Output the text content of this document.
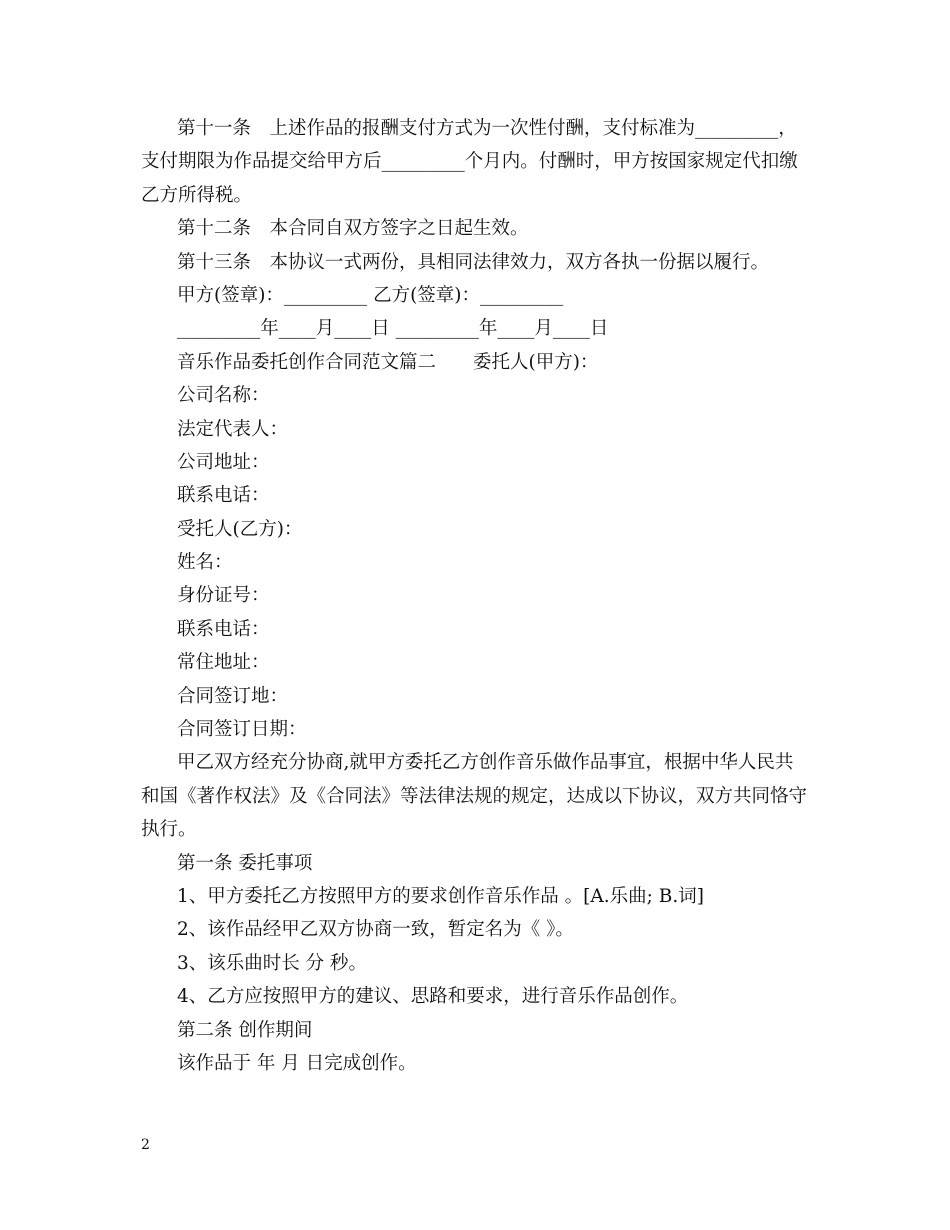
第十一条　上述作品的报酬支付方式为一次性付酬，支付标准为_________，
支付期限为作品提交给甲方后_________个月内。付酬时，甲方按国家规定代扣缴
乙方所得税。
第十二条　本合同自双方签字之日起生效。
第十三条　本协议一式两份，具相同法律效力，双方各执一份据以履行。
甲方(签章)：_________ 乙方(签章)：_________
_________年____月____日 _________年____月____日
音乐作品委托创作合同范文篇二　　委托人(甲方)：
公司名称：
法定代表人：
公司地址：
联系电话：
受托人(乙方)：
姓名：
身份证号：
联系电话：
常住地址：
合同签订地：
合同签订日期：
甲乙双方经充分协商,就甲方委托乙方创作音乐做作品事宜，根据中华人民共
和国《著作权法》及《合同法》等法律法规的规定，达成以下协议，双方共同恪守
执行。
第一条 委托事项
1、甲方委托乙方按照甲方的要求创作音乐作品 。[A.乐曲; B.词]
2、该作品经甲乙双方协商一致，暂定名为《 》。
3、该乐曲时长 分 秒。
4、乙方应按照甲方的建议、思路和要求，进行音乐作品创作。
第二条 创作期间
该作品于 年 月 日完成创作。
2
